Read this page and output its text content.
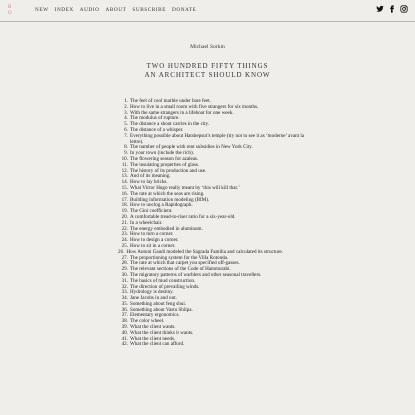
B
O
NEW INDEX AUDIO ABOUT SUBSCRIBE DONATE
Michael Sorkin
TWO HUNDRED FIFTY THINGS
AN ARCHITECT SHOULD KNOW
1. The feel of cool marble under bare feet.
2. How to live in a small room with five strangers for six months.
3. With the same strangers in a lifeboat for one week.
4. The modulus of rupture.
5. The distance a shout carries in the city.
6. The distance of a whisper.
7. Everything possible about Hatshepsut’s temple (try not to see it as ‘moderne’ avant la lettre).
8. The number of people with rent subsidies in New York City.
9. In your town (include the rich).
10. The flowering season for azaleas.
11. The insulating properties of glass.
12. The history of its production and use.
13. And of its meaning.
14. How to lay bricks.
15. What Victor Hugo really meant by ‘this will kill that.’
16. The rate at which the seas are rising.
17. Building information modeling (BIM).
18. How to unclog a Rapidograph.
19. The Gini coefficient.
20. A comfortable tread-to-riser ratio for a six-year-old.
21. In a wheelchair.
22. The energy embodied in aluminum.
23. How to turn a corner.
24. How to design a corner.
25. How to sit in a corner.
26. How Antoni Gaudí modeled the Sagrada Família and calculated its structure.
27. The proportioning system for the Villa Rotonda.
28. The rate at which that carpet you specified off-gasses.
29. The relevant sections of the Code of Hammurabi.
30. The migratory patterns of warblers and other seasonal travellers.
31. The basics of mud construction.
32. The direction of prevailing winds.
33. Hydrology is destiny.
34. Jane Jacobs in and out.
35. Something about feng shui.
36. Something about Vastu Shilpa.
37. Elementary ergonomics.
38. The color wheel.
39. What the client wants.
40. What the client thinks it wants.
41. What the client needs.
42. What the client can afford.
